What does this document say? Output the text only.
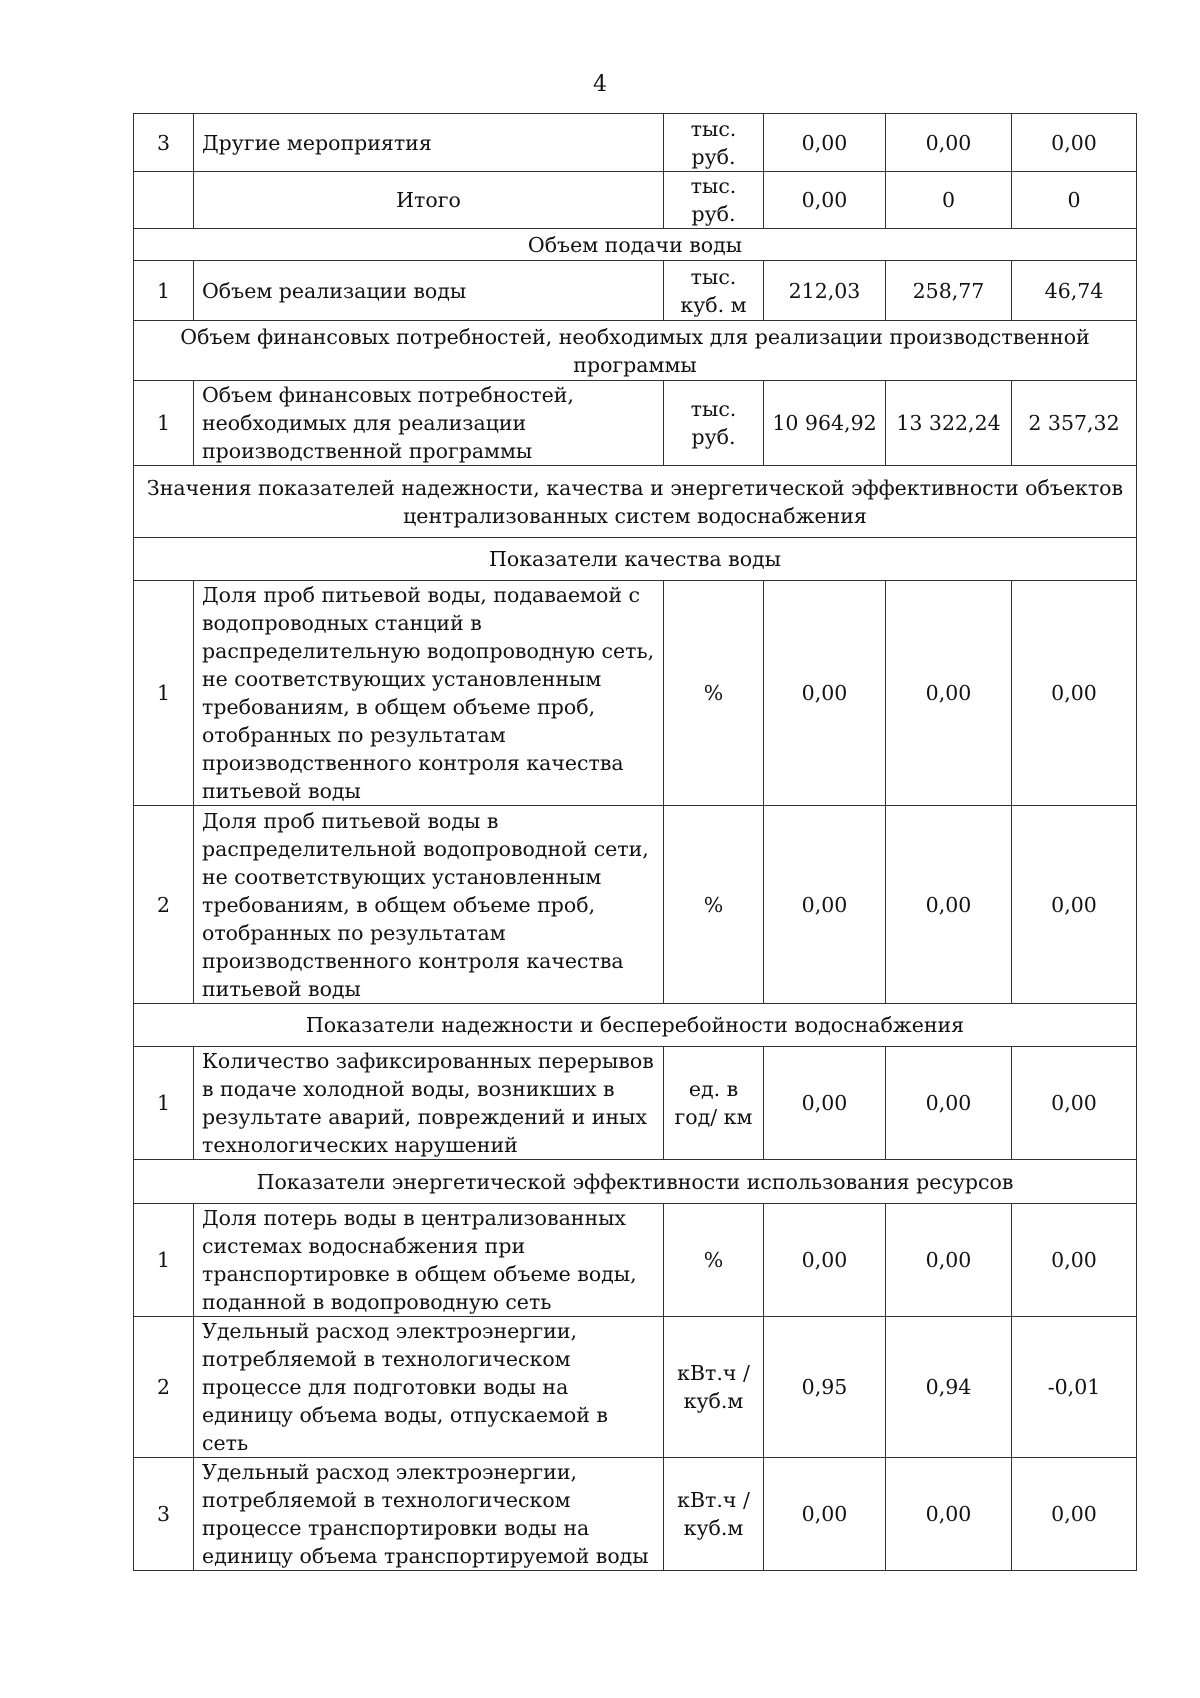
4
3	Другие мероприятия	тыс. руб.	0,00	0,00	0,00
	Итого	тыс. руб.	0,00	0	0
Объем подачи воды					
1	Объем реализации воды	тыс. куб. м	212,03	258,77	46,74
Объем финансовых потребностей, необходимых для реализации производственной программы					
1	Объем финансовых потребностей, необходимых для реализации производственной программы	тыс. руб.	10 964,92	13 322,24	2 357,32
Значения показателей надежности, качества и энергетической эффективности объектов централизованных систем водоснабжения					
Показатели качества воды					
1	Доля проб питьевой воды, подаваемой с водопроводных станций в распределительную водопроводную сеть, не соответствующих установленным требованиям, в общем объеме проб, отобранных по результатам производственного контроля качества питьевой воды	%	0,00	0,00	0,00
2	Доля проб питьевой воды в распределительной водопроводной сети, не соответствующих установленным требованиям, в общем объеме проб, отобранных по результатам производственного контроля качества питьевой воды	%	0,00	0,00	0,00
Показатели надежности и бесперебойности водоснабжения					
1	Количество зафиксированных перерывов в подаче холодной воды, возникших в результате аварий, повреждений и иных технологических нарушений	ед. в год/ км	0,00	0,00	0,00
Показатели энергетической эффективности использования ресурсов					
1	Доля потерь воды в централизованных системах водоснабжения при транспортировке в общем объеме воды, поданной в водопроводную сеть	%	0,00	0,00	0,00
2	Удельный расход электроэнергии, потребляемой в технологическом процессе для подготовки воды на единицу объема воды, отпускаемой в сеть	кВт.ч / куб.м	0,95	0,94	-0,01
3	Удельный расход электроэнергии, потребляемой в технологическом процессе транспортировки воды на единицу объема транспортируемой воды	кВт.ч / куб.м	0,00	0,00	0,00
